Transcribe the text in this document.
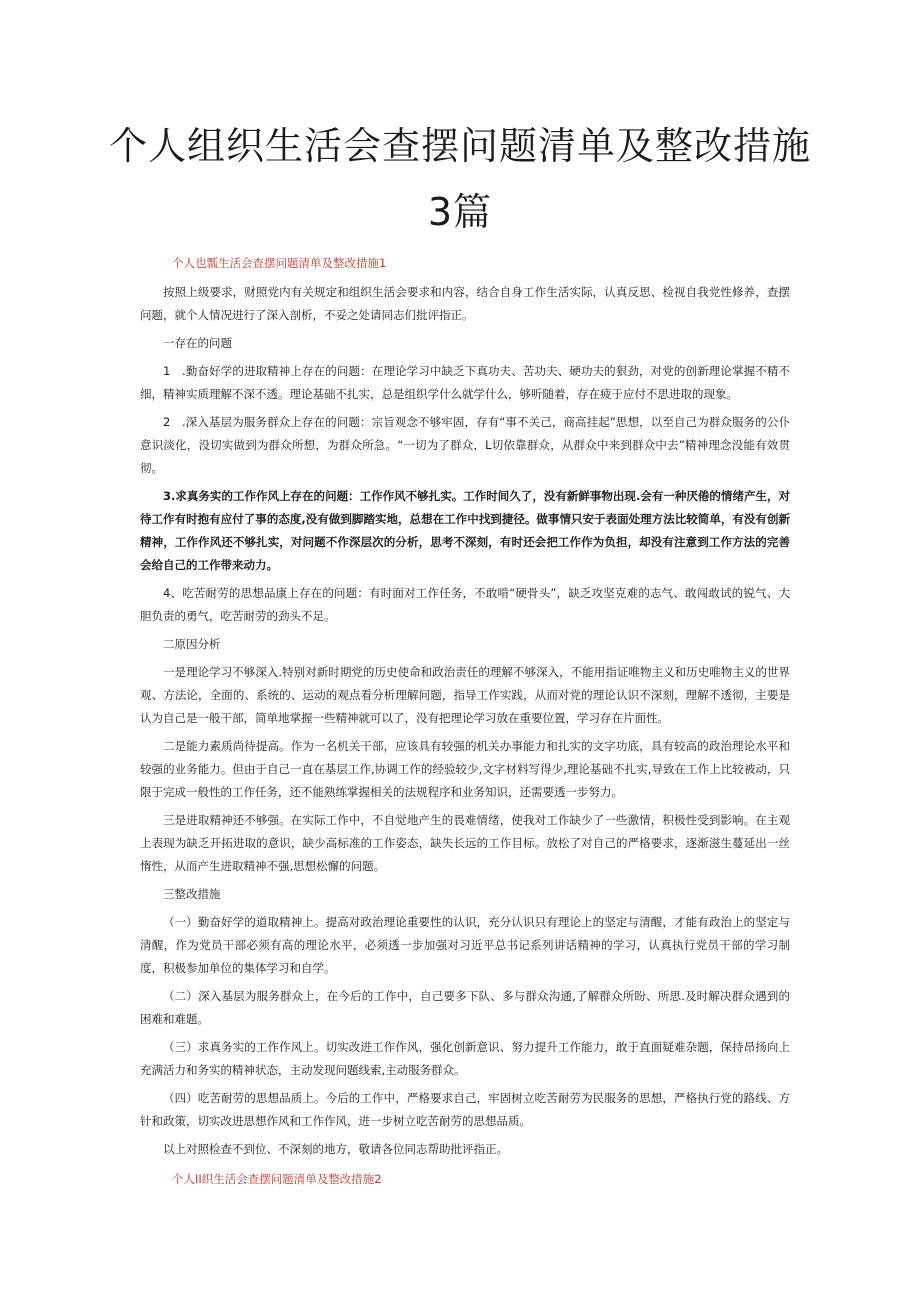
个人组织生活会查摆问题清单及整改措施
3篇

个人也瓢生活会查摆问题清单及整改措施1

按照上级要求，财照党内有关规定和组织生活会要求和内容，结合自身工作生活实际，认真反思、检视自我党性修养，查摆问题，就个人情况进行了深入剖析，不妥之处请同志们批评指正。

一存在的问题

1　.勤奋好学的进取精神上存在的问题：在理论学习中缺乏下真功夫、苦功夫、硬功夫的狠劲，对党的创新理论掌握不精不细，精神实质理解不深不透。理论基础不扎实，总是组织学什么就学什么，够听随着，存在疲于应付不思进取的现象。

2　.深入基层为服务群众上存在的问题：宗旨观念不够牢固，存有“事不关己，商高挂起”思想，以至自己为群众服务的公仆意识淡化，没切实做到为群众所想，为群众所急。“一切为了群众，L切依靠群众，从群众中来到群众中去”精神理念没能有效贯彻。

3.求真务实的工作作风上存在的问题：工作作风不够扎实。工作时间久了，没有新鲜事物出现.会有一种厌倦的情绪产生，对待工作有时抱有应付了事的态度,没有做到脚踏实地，总想在工作中找到捷径。做事情只安于表面处理方法比较简单，有没有创新精神，工作作风还不够扎实，对问题不作深层次的分析，思考不深刻，有时还会把工作作为负担，却没有注意到工作方法的完善会给自己的工作带来动力。

4、吃苦耐劳的思想品康上存在的问题：有时面对工作任务，不敢啃“硬骨头”，缺乏攻坚克难的志气、敢闯敢试的锐气、大胆负责的勇气，吃苦耐劳的劲头不足。

二原因分析

一是理论学习不够深入.特别对新时期党的历史使命和政治责任的理解不够深入，不能用指证唯物主义和历史唯物主义的世界观、方法论，全面的、系统的、运动的观点看分析理解问题，指导工作实践，从而对党的理论认识不深刻，理解不透彻，主要是认为自己是一般干部，简单地掌握一些精神就可以了，没有把理论学习放在重要位置，学习存在片面性。

二是能力素质尚待提高。作为一名机关干部，应该具有较强的机关办事能力和扎实的文字功底，具有较高的政治理论水平和较强的业务能力。但由于自己一直在基层工作,协调工作的经验较少,文字材料写得少,理论基础不扎实,导致在工作上比较被动，只限于完成一般性的工作任务，还不能熟练掌握相关的法规程序和业务知识，还需要透一步努力。

三是进取精神还不够强。在实际工作中，不自觉地产生的畏难情绪，使我对工作缺少了一些激情，积极性受到影响。在主观上表现为缺乏开拓进取的意识，缺少高标准的工作姿态，缺失长远的工作目标。放松了对自己的严格要求，逐渐滋生蔓延出一丝惰性，从而产生进取精神不强,思想松懈的问题。

三整改措施

（一）勤奋好学的道取精神上。提高对政治理论重要性的认识，充分认识只有理论上的坚定与清醒，才能有政治上的坚定与清醒，作为党员干部必须有高的理论水平，必须透一步加强对习近平总书记系列讲话精神的学习，认真执行党员干部的学习制度，积极参加单位的集体学习和自学。

（二）深入基层为服务群众上，在今后的工作中，自己要多下队、多与群众沟通,了解群众所盼、所思.及时解决群众遇到的困难和难题。

（三）求真务实的工作作风上。切实改进工作作风，强化创新意识、努力提升工作能力，敢于直面疑难杂题，保持昂扬向上充满活力和务实的精神状态，主动发现问题线索,主动服务群众。

（四）吃苦耐劳的思想品质上。今后的工作中，严格要求自己，牢固树立吃苦耐劳为民服务的思想，严格执行党的路线、方针和政策，切实改进思想作风和工作作风，进一步树立吃苦耐劳的思想品质。

以上对照检查不到位、不深刻的地方，敬请各位同志帮助批评指正。

个人II织生活会查摆问题清单及整改措施2
